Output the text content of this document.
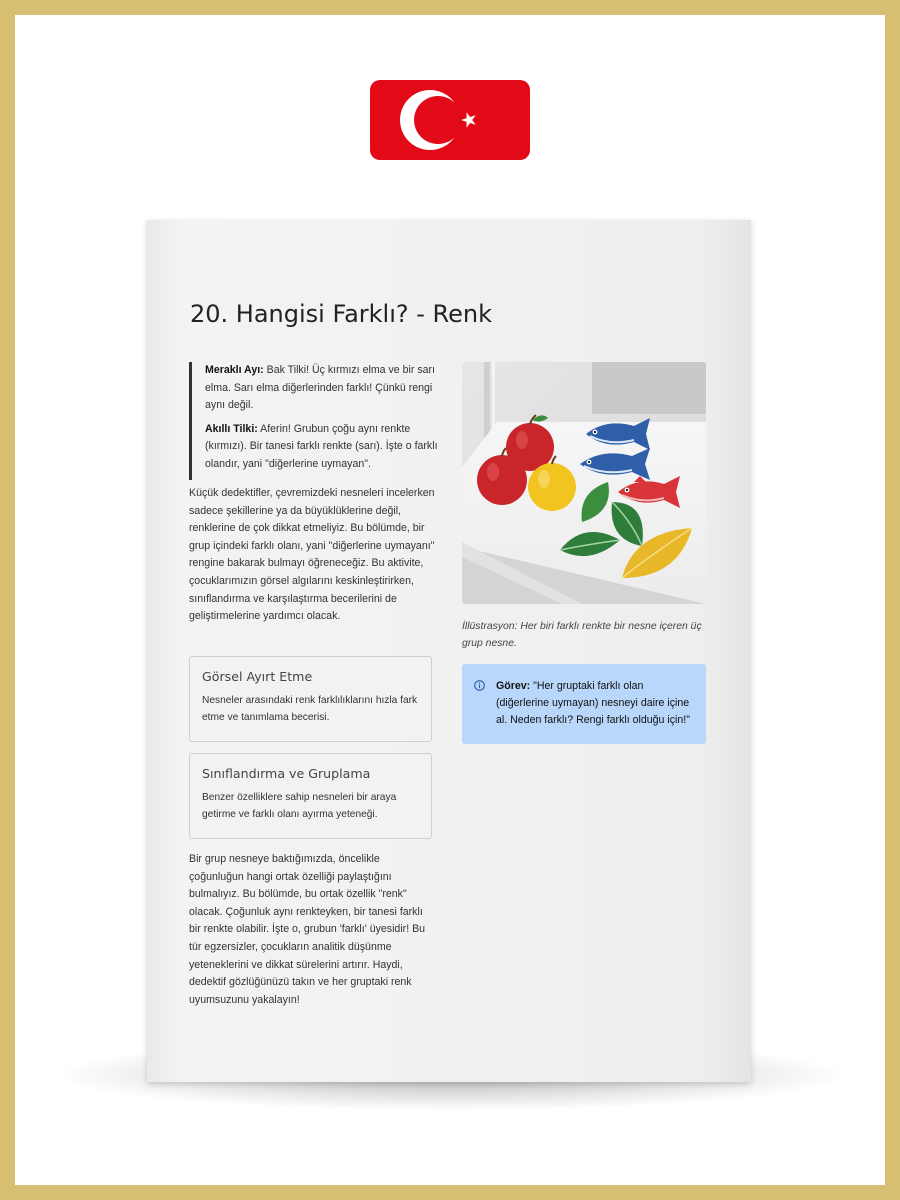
20. Hangisi Farklı? - Renk

Meraklı Ayı: Bak Tilki! Üç kırmızı elma ve bir sarı elma. Sarı elma diğerlerinden farklı! Çünkü rengi aynı değil.

Akıllı Tilki: Aferin! Grubun çoğu aynı renkte (kırmızı). Bir tanesi farklı renkte (sarı). İşte o farklı olandır, yani "diğerlerine uymayan".

Küçük dedektifler, çevremizdeki nesneleri incelerken sadece şekillerine ya da büyüklüklerine değil, renklerine de çok dikkat etmeliyiz. Bu bölümde, bir grup içindeki farklı olanı, yani "diğerlerine uymayanı" rengine bakarak bulmayı öğreneceğiz. Bu aktivite, çocuklarımızın görsel algılarını keskinleştirirken, sınıflandırma ve karşılaştırma becerilerini de geliştirmelerine yardımcı olacak.

Görsel Ayırt Etme

Nesneler arasındaki renk farklılıklarını hızla fark etme ve tanımlama becerisi.

Sınıflandırma ve Gruplama

Benzer özelliklere sahip nesneleri bir araya getirme ve farklı olanı ayırma yeteneği.

Bir grup nesneye baktığımızda, öncelikle çoğunluğun hangi ortak özelliği paylaştığını bulmalıyız. Bu bölümde, bu ortak özellik "renk" olacak. Çoğunluk aynı renkteyken, bir tanesi farklı bir renkte olabilir. İşte o, grubun 'farklı' üyesidir! Bu tür egzersizler, çocukların analitik düşünme yeteneklerini ve dikkat sürelerini artırır. Haydi, dedektif gözlüğünüzü takın ve her gruptaki renk uyumsuzunu yakalayın!

İllüstrasyon: Her biri farklı renkte bir nesne içeren üç grup nesne.

Görev: "Her gruptaki farklı olan (diğerlerine uymayan) nesneyi daire içine al. Neden farklı? Rengi farklı olduğu için!"
